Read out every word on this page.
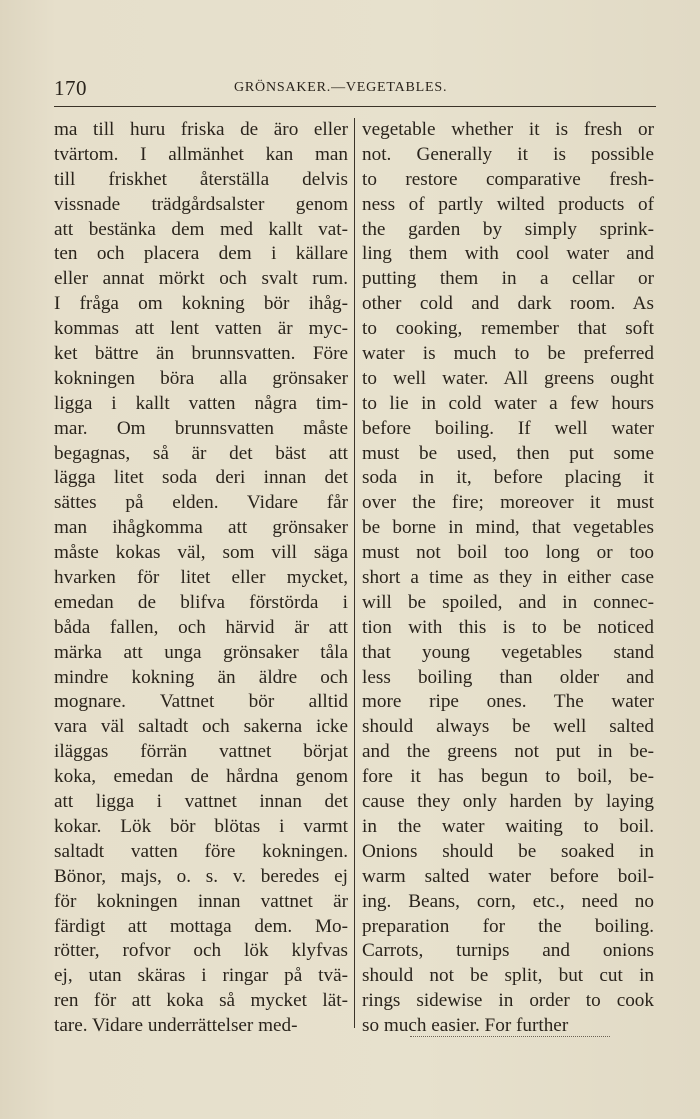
170	GRÖNSAKER.—VEGETABLES.
ma till huru friska de äro eller
tvärtom. I allmänhet kan man
till friskhet återställa delvis
vissnade trädgårdsalster genom
att bestänka dem med kallt vat-
ten och placera dem i källare
eller annat mörkt och svalt rum.
I fråga om kokning bör ihåg-
kommas att lent vatten är myc-
ket bättre än brunnsvatten. Före
kokningen böra alla grönsaker
ligga i kallt vatten några tim-
mar. Om brunnsvatten måste
begagnas, så är det bäst att
lägga litet soda deri innan det
sättes på elden. Vidare får
man ihågkomma att grönsaker
måste kokas väl, som vill säga
hvarken för litet eller mycket,
emedan de blifva förstörda i
båda fallen, och härvid är att
märka att unga grönsaker tåla
mindre kokning än äldre och
mognare. Vattnet bör alltid
vara väl saltadt och sakerna icke
iläggas förrän vattnet börjat
koka, emedan de hårdna genom
att ligga i vattnet innan det
kokar. Lök bör blötas i varmt
saltadt vatten före kokningen.
Bönor, majs, o. s. v. beredes ej
för kokningen innan vattnet är
färdigt att mottaga dem. Mo-
rötter, rofvor och lök klyfvas
ej, utan skäras i ringar på tvä-
ren för att koka så mycket lät-
tare. Vidare underrättelser med-
vegetable whether it is fresh or
not. Generally it is possible
to restore comparative fresh-
ness of partly wilted products of
the garden by simply sprink-
ling them with cool water and
putting them in a cellar or
other cold and dark room. As
to cooking, remember that soft
water is much to be preferred
to well water. All greens ought
to lie in cold water a few hours
before boiling. If well water
must be used, then put some
soda in it, before placing it
over the fire; moreover it must
be borne in mind, that vegetables
must not boil too long or too
short a time as they in either case
will be spoiled, and in connec-
tion with this is to be noticed
that young vegetables stand
less boiling than older and
more ripe ones. The water
should always be well salted
and the greens not put in be-
fore it has begun to boil, be-
cause they only harden by laying
in the water waiting to boil.
Onions should be soaked in
warm salted water before boil-
ing. Beans, corn, etc., need no
preparation for the boiling.
Carrots, turnips and onions
should not be split, but cut in
rings sidewise in order to cook
so much easier. For further
